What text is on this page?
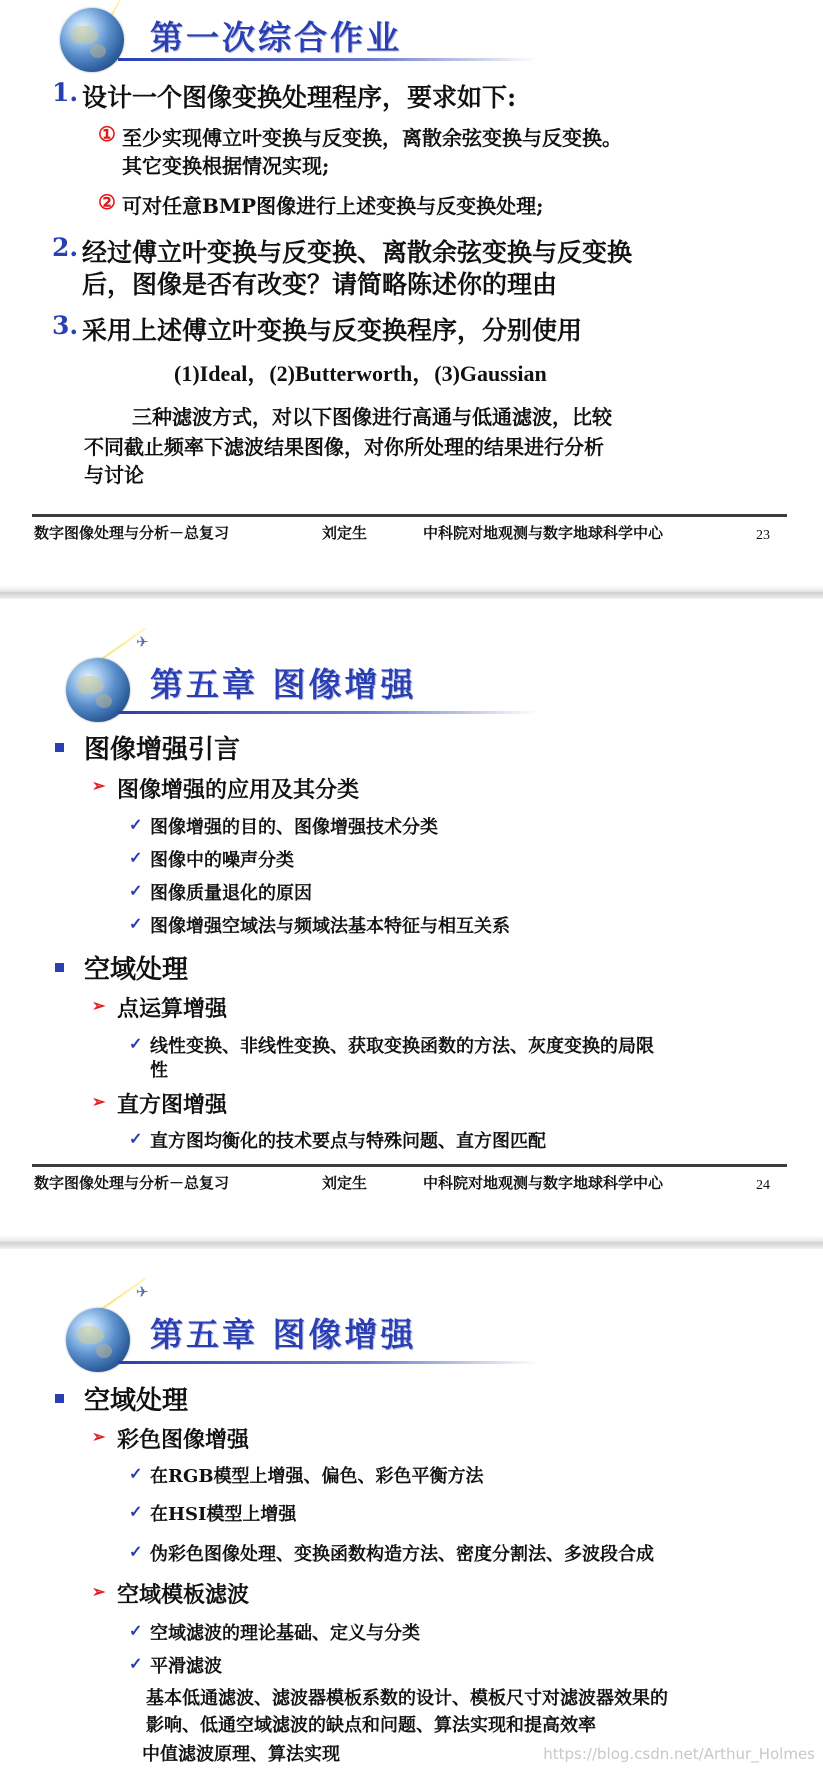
第一次综合作业
1. 设计一个图像变换处理程序，要求如下:
① 至少实现傅立叶变换与反变换，离散余弦变换与反变换。
其它变换根据情况实现;
② 可对任意BMP图像进行上述变换与反变换处理;
2. 经过傅立叶变换与反变换、离散余弦变换与反变换
后，图像是否有改变？请简略陈述你的理由
3. 采用上述傅立叶变换与反变换程序，分别使用
(1)Ideal，(2)Butterworth，(3)Gaussian
三种滤波方式，对以下图像进行高通与低通滤波，比较
不同截止频率下滤波结果图像，对你所处理的结果进行分析
与讨论
数字图像处理与分析－总复习	刘定生	中科院对地观测与数字地球科学中心	23
✈
第五章 图像增强
图像增强引言
➢ 图像增强的应用及其分类
✓ 图像增强的目的、图像增强技术分类
✓ 图像中的噪声分类
✓ 图像质量退化的原因
✓ 图像增强空域法与频域法基本特征与相互关系
空域处理
➢ 点运算增强
✓ 线性变换、非线性变换、获取变换函数的方法、灰度变换的局限
性
➢ 直方图增强
✓ 直方图均衡化的技术要点与特殊问题、直方图匹配
数字图像处理与分析－总复习	刘定生	中科院对地观测与数字地球科学中心	24
✈
第五章 图像增强
空域处理
➢ 彩色图像增强
✓ 在RGB模型上增强、偏色、彩色平衡方法
✓ 在HSI模型上增强
✓ 伪彩色图像处理、变换函数构造方法、密度分割法、多波段合成
➢ 空域模板滤波
✓ 空域滤波的理论基础、定义与分类
✓ 平滑滤波
基本低通滤波、滤波器模板系数的设计、模板尺寸对滤波器效果的
影响、低通空域滤波的缺点和问题、算法实现和提高效率
中值滤波原理、算法实现	https://blog.csdn.net/Arthur_Holmes
